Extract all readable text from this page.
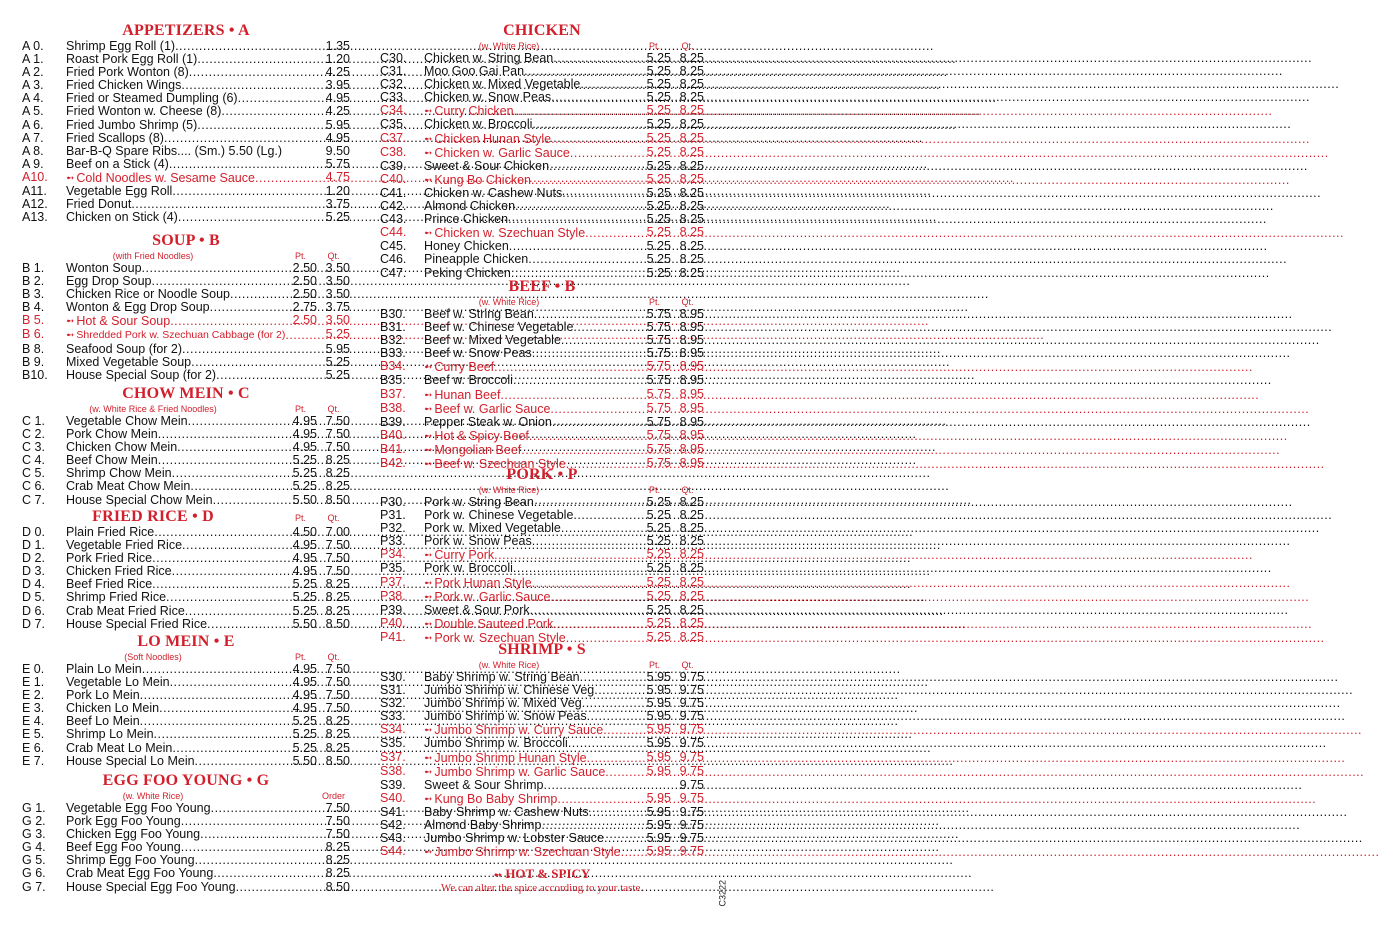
APPETIZERS • A
A 0.	Shrimp Egg Roll (1) .....	1.35
A 1.	Roast Pork Egg Roll (1) .....	1.20
A 2.	Fried Pork Wonton (8) .....	4.25
A 3.	Fried Chicken Wings .....	3.95
A 4.	Fried or Steamed Dumpling (6) .....	4.95
A 5.	Fried Wonton w. Cheese (8) .....	4.25
A 6.	Fried Jumbo Shrimp (5) .....	5.95
A 7.	Fried Scallops (8) .....	4.95
A 8.	Bar-B-Q Spare Ribs.... (Sm.) 5.50 (Lg.)	9.50
A 9.	Beef on a Stick (4) .....	5.75
A10.	➻ Cold Noodles w. Sesame Sauce .....	4.75
A11.	Vegetable Egg Roll .....	1.20
A12.	Fried Donut .....	3.75
A13.	Chicken on Stick (4) .....	5.25
SOUP • B
(with Fried Noodles)	Pt.	Qt.
B 1.	Wonton Soup .....	2.50 3.50
B 2.	Egg Drop Soup .....	2.50 3.50
B 3.	Chicken Rice or Noodle Soup .....	2.50 3.50
B 4.	Wonton & Egg Drop Soup .....	2.75 3.75
B 5.	➻ Hot & Sour Soup .....	2.50 3.50
B 6.	➻ Shredded Pork w. Szechuan Cabbage (for 2) .....	5.25
B 8.	Seafood Soup (for 2) .....	5.95
B 9.	Mixed Vegetable Soup .....	5.25
B10.	House Special Soup (for 2) .....	5.25
CHOW MEIN • C
(w. White Rice & Fried Noodles)	Pt.	Qt.
C 1.	Vegetable Chow Mein .....	4.95 7.50
C 2.	Pork Chow Mein .....	4.95 7.50
C 3.	Chicken Chow Mein .....	4.95 7.50
C 4.	Beef Chow Mein .....	5.25 8.25
C 5.	Shrimp Chow Mein .....	5.25 8.25
C 6.	Crab Meat Chow Mein .....	5.25 8.25
C 7.	House Special Chow Mein .....	5.50 8.50
FRIED RICE • D	Pt.	Qt.
D 0.	Plain Fried Rice .....	4.50 7.00
D 1.	Vegetable Fried Rice .....	4.95 7.50
D 2.	Pork Fried Rice .....	4.95 7.50
D 3.	Chicken Fried Rice .....	4.95 7.50
D 4.	Beef Fried Rice .....	5.25 8.25
D 5.	Shrimp Fried Rice .....	5.25 8.25
D 6.	Crab Meat Fried Rice .....	5.25 8.25
D 7.	House Special Fried Rice .....	5.50 8.50
LO MEIN • E
(Soft Noodles)	Pt.	Qt.
E 0.	Plain Lo Mein .....	4.95 7.50
E 1.	Vegetable Lo Mein .....	4.95 7.50
E 2.	Pork Lo Mein .....	4.95 7.50
E 3.	Chicken Lo Mein .....	4.95 7.50
E 4.	Beef Lo Mein .....	5.25 8.25
E 5.	Shrimp Lo Mein .....	5.25 8.25
E 6.	Crab Meat Lo Mein .....	5.25 8.25
E 7.	House Special Lo Mein .....	5.50 8.50
EGG FOO YOUNG • G
(w. White Rice)	Order
G 1.	Vegetable Egg Foo Young .....	7.50
G 2.	Pork Egg Foo Young .....	7.50
G 3.	Chicken Egg Foo Young .....	7.50
G 4.	Beef Egg Foo Young .....	8.25
G 5.	Shrimp Egg Foo Young .....	8.25
G 6.	Crab Meat Egg Foo Young .....	8.25
G 7.	House Special Egg Foo Young .....	8.50
CHICKEN
(w. White Rice)	Pt.	Qt.
C30.	Chicken w. String Bean .....	5.25 8.25
C31.	Moo Goo Gai Pan .....	5.25 8.25
C32.	Chicken w. Mixed Vegetable .....	5.25 8.25
C33.	Chicken w. Snow Peas .....	5.25 8.25
C34.	➻ Curry Chicken .....	5.25 8.25
C35.	Chicken w. Broccoli .....	5.25 8.25
C37.	➻ Chicken Hunan Style .....	5.25 8.25
C38.	➻ Chicken w. Garlic Sauce .....	5.25 8.25
C39.	Sweet & Sour Chicken .....	5.25 8.25
C40.	➻ Kung Bo Chicken .....	5.25 8.25
C41.	Chicken w. Cashew Nuts .....	5.25 8.25
C42.	Almond Chicken .....	5.25 8.25
C43.	Prince Chicken .....	5.25 8.25
C44.	➻ Chicken w. Szechuan Style .....	5.25 8.25
C45.	Honey Chicken .....	5.25 8.25
C46.	Pineapple Chicken .....	5.25 8.25
C47.	Peking Chicken .....	5.25 8.25
BEEF • B
(w. White Rice)	Pt.	Qt.
B30.	Beef w. String Bean .....	5.75 8.95
B31.	Beef w. Chinese Vegetable .....	5.75 8.95
B32.	Beef w. Mixed Vegetable .....	5.75 8.95
B33.	Beef w. Snow Peas .....	5.75 8.95
B34.	➻ Curry Beef .....	5.75 8.95
B35.	Beef w. Broccoli .....	5.75 8.95
B37.	➻ Hunan Beef .....	5.75 8.95
B38.	➻ Beef w. Garlic Sauce .....	5.75 8.95
B39.	Pepper Steak w. Onion .....	5.75 8.95
B40.	➻ Hot & Spicy Beef .....	5.75 8.95
B41.	➻ Mongolian Beef .....	5.75 8.95
B42.	➻ Beef w. Szechuan Style .....	5.75 8.95
PORK • P
(w. White Rice)	Pt.	Qt.
P30.	Pork w. String Bean .....	5.25 8.25
P31.	Pork w. Chinese Vegetable .....	5.25 8.25
P32.	Pork w. Mixed Vegetable .....	5.25 8.25
P33.	Pork w. Snow Peas .....	5.25 8.25
P34.	➻ Curry Pork .....	5.25 8.25
P35.	Pork w. Broccoli .....	5.25 8.25
P37.	➻ Pork Hunan Style .....	5.25 8.25
P38.	➻ Pork w. Garlic Sauce .....	5.25 8.25
P39.	Sweet & Sour Pork .....	5.25 8.25
P40.	➻ Double Sauteed Pork .....	5.25 8.25
P41.	➻ Pork w. Szechuan Style .....	5.25 8.25
SHRIMP • S
(w. White Rice)	Pt.	Qt.
S30.	Baby Shrimp w. String Bean .....	5.95 9.75
S31.	Jumbo Shrimp w. Chinese Veg .....	5.95 9.75
S32.	Jumbo Shrimp w. Mixed Veg .....	5.95 9.75
S33.	Jumbo Shrimp w. Snow Peas .....	5.95 9.75
S34.	➻ Jumbo Shrimp w. Curry Sauce .....	5.95 9.75
S35.	Jumbo Shrimp w. Broccoli .....	5.95 9.75
S37.	➻ Jumbo Shrimp Hunan Style .....	5.95 9.75
S38.	➻ Jumbo Shrimp w. Garlic Sauce .....	5.95 9.75
S39.	Sweet & Sour Shrimp .....	9.75
S40.	➻ Kung Bo Baby Shrimp .....	5.95 9.75
S41.	Baby Shrimp w. Cashew Nuts .....	5.95 9.75
S42.	Almond Baby Shrimp .....	5.95 9.75
S43.	Jumbo Shrimp w. Lobster Sauce .....	5.95 9.75
S44.	➻ Jumbo Shrimp w. Szechuan Style .....	5.95 9.75
➻ HOT & SPICY
We can alter the spice according to your taste.	C3222
